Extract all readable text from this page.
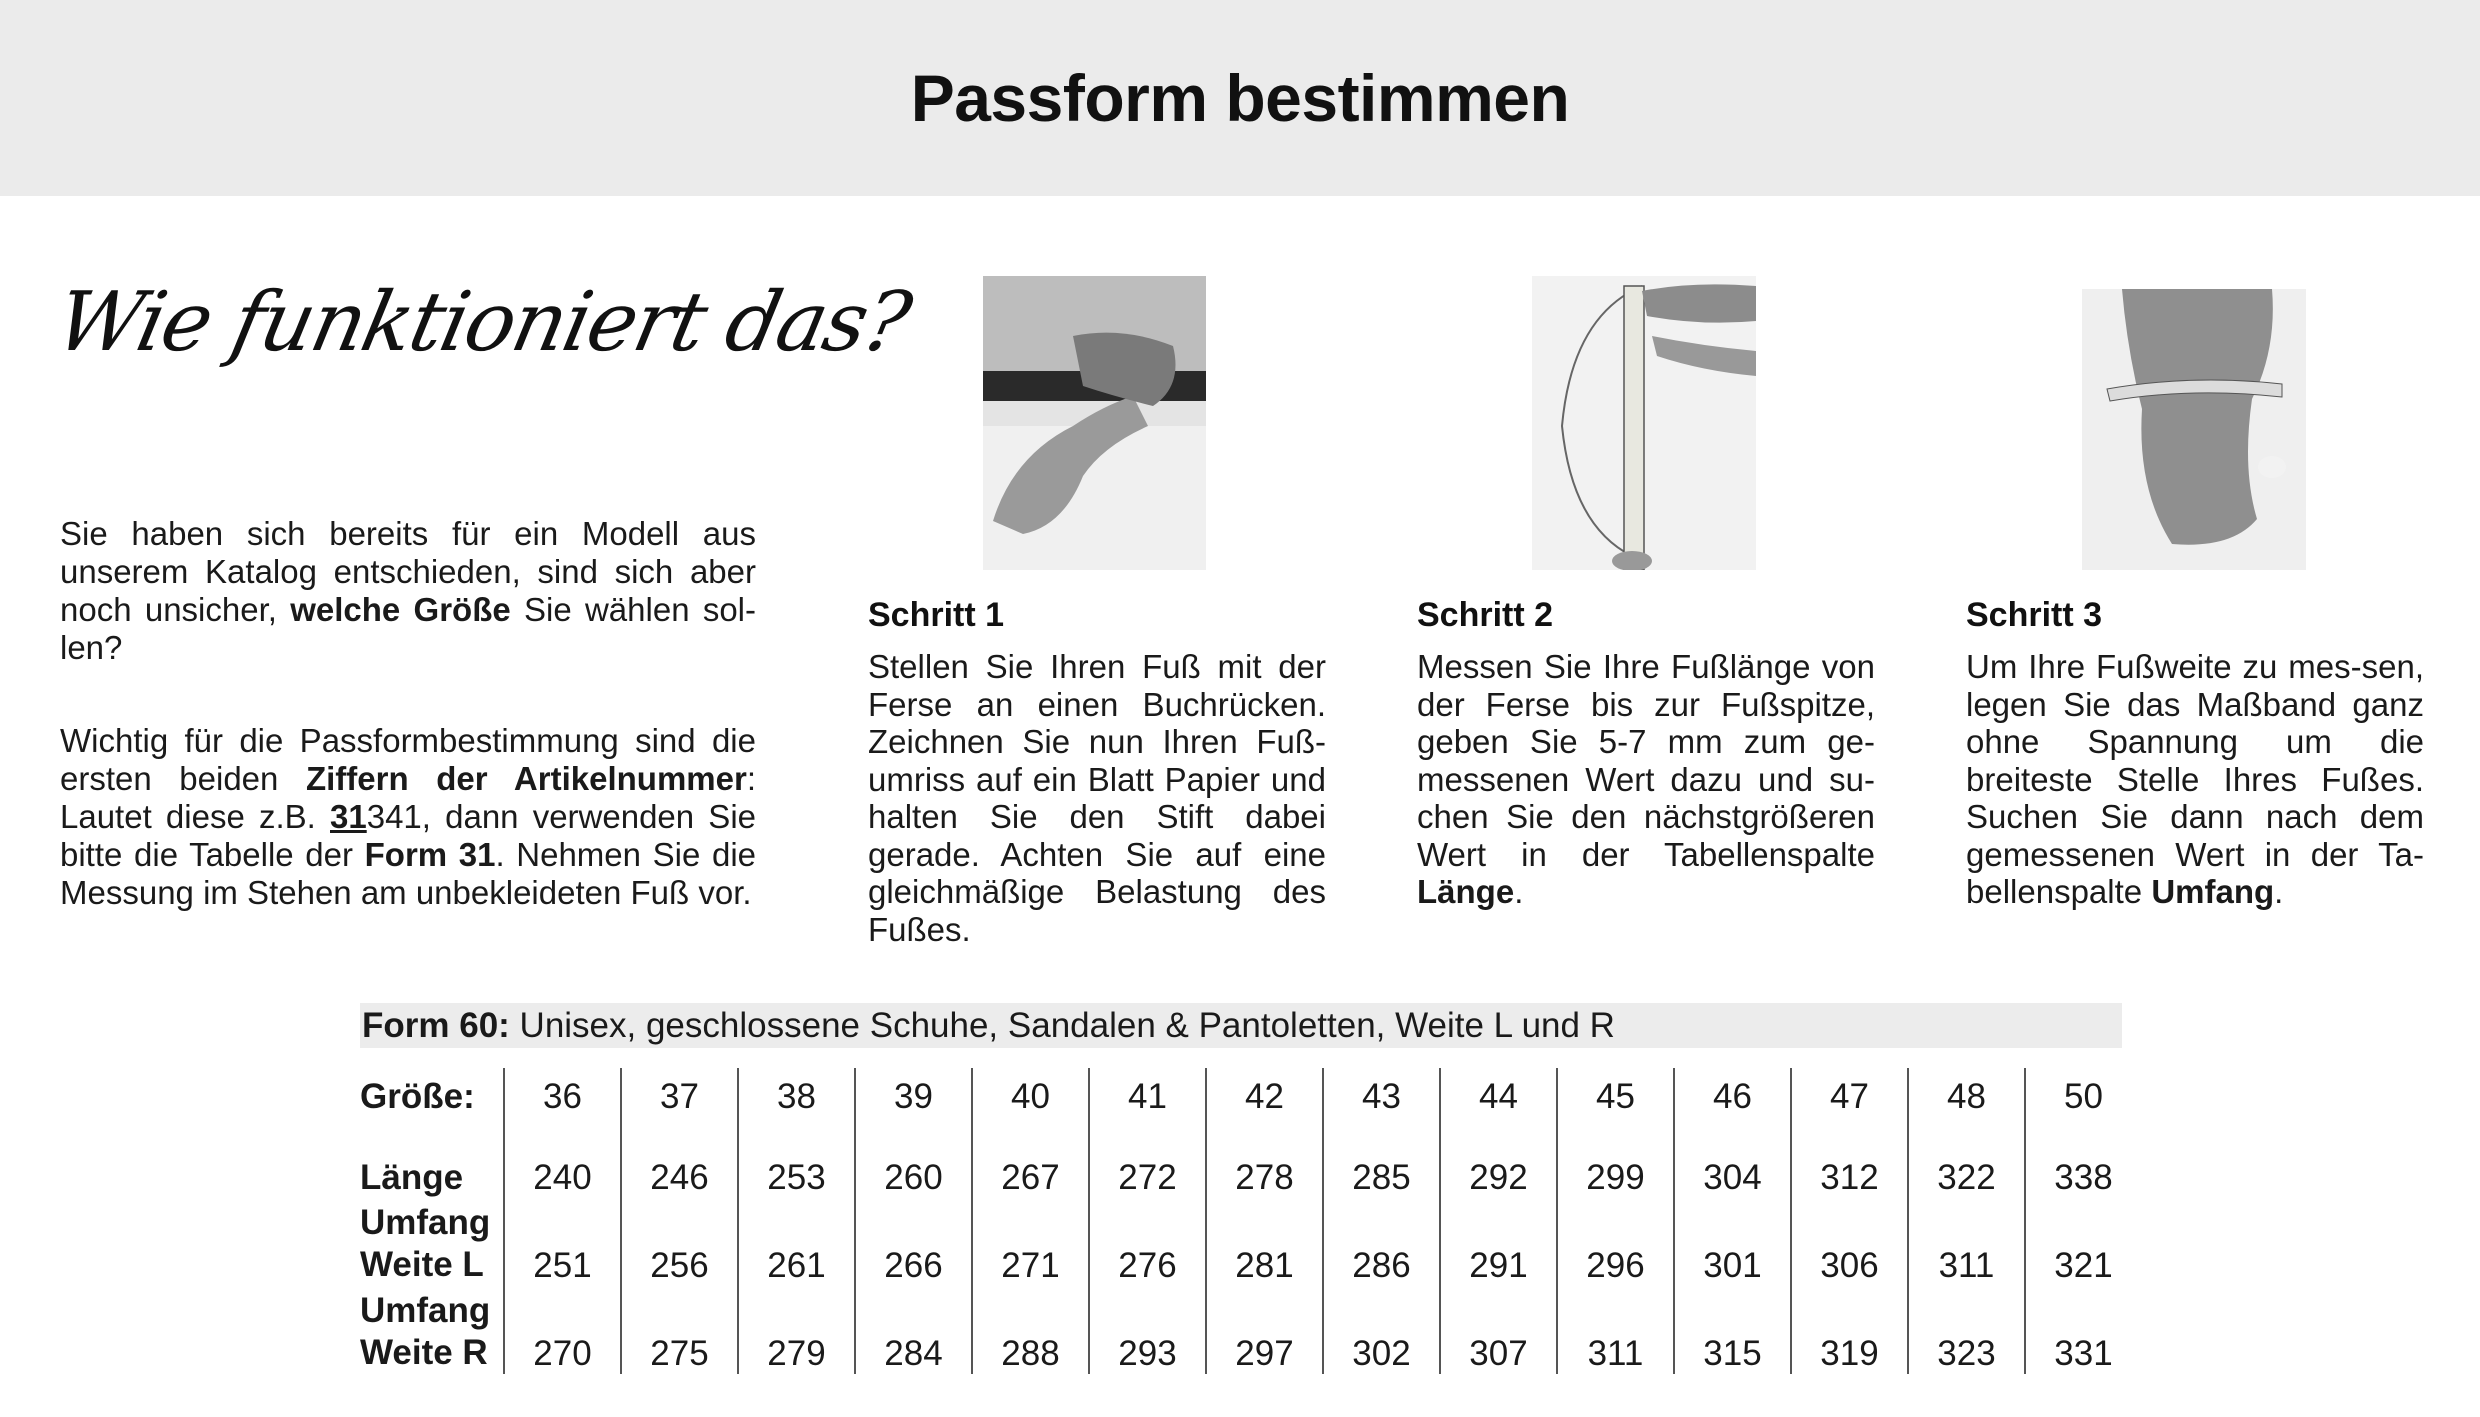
Passform bestimmen
Wie funktioniert das?
Sie haben sich bereits für ein Modell aus unserem Katalog entschieden, sind sich aber noch unsicher, welche Größe Sie wählen sol-len?
Wichtig für die Passformbestimmung sind die ersten beiden Ziffern der Artikelnummer: Lautet diese z.B. 31341, dann verwenden Sie bitte die Tabelle der Form 31. Nehmen Sie die Messung im Stehen am unbekleideten Fuß vor.
Schritt 1
Stellen Sie Ihren Fuß mit der Ferse an einen Buchrücken. Zeichnen Sie nun Ihren Fuß-umriss auf ein Blatt Papier und halten Sie den Stift dabei gerade. Achten Sie auf eine gleichmäßige Belastung des Fußes.
Schritt 2
Messen Sie Ihre Fußlänge von der Ferse bis zur Fußspitze, geben Sie 5-7 mm zum ge-messenen Wert dazu und su-chen Sie den nächstgrößeren Wert in der Tabellenspalte Länge.
Schritt 3
Um Ihre Fußweite zu mes-sen, legen Sie das Maßband ganz ohne Spannung um die breiteste Stelle Ihres Fußes. Suchen Sie dann nach dem gemessenen Wert in der Ta-bellenspalte Umfang.
Form 60: Unisex, geschlossene Schuhe, Sandalen & Pantoletten, Weite L und R
Größe:	36	37	38	39	40	41	42	43	44	45	46	47	48	50
Länge	240	246	253	260	267	272	278	285	292	299	304	312	322	338
Umfang
Weite L	251	256	261	266	271	276	281	286	291	296	301	306	311	321
Umfang
Weite R	270	275	279	284	288	293	297	302	307	311	315	319	323	331
